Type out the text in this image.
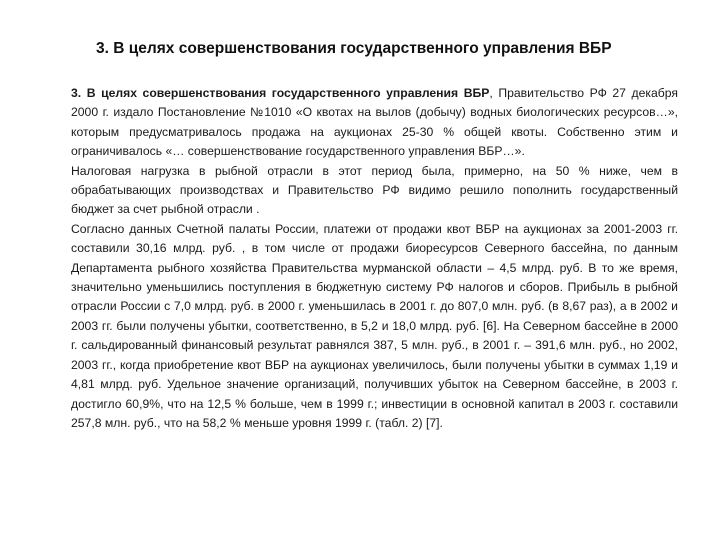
3. В целях совершенствования государственного управления ВБР

3. В целях совершенствования государственного управления ВБР, Правительство РФ 27 декабря 2000 г. издало Постановление №1010 «О квотах на вылов (добычу) водных биологических ресурсов…», которым предусматривалось продажа на аукционах 25-30 % общей квоты. Собственно этим и ограничивалось «… совершенствование государственного управления ВБР…».

Налоговая нагрузка в рыбной отрасли в этот период была, примерно, на 50 % ниже, чем в обрабатывающих производствах и Правительство РФ видимо решило пополнить государственный бюджет за счет рыбной отрасли .

Согласно данных Счетной палаты России, платежи от продажи квот ВБР на аукционах за 2001-2003 гг. составили 30,16 млрд. руб. , в том числе от продажи биоресурсов Северного бассейна, по данным Департамента рыбного хозяйства Правительства мурманской области – 4,5 млрд. руб. В то же время, значительно уменьшились поступления в бюджетную систему РФ налогов и сборов. Прибыль в рыбной отрасли России с 7,0 млрд. руб. в 2000 г. уменьшилась в 2001 г. до 807,0 млн. руб. (в 8,67 раз), а в 2002 и 2003 гг. были получены убытки, соответственно, в 5,2 и 18,0 млрд. руб. [6]. На Северном бассейне в 2000 г. сальдированный финансовый результат равнялся 387, 5 млн. руб., в 2001 г. – 391,6 млн. руб., но 2002, 2003 гг., когда приобретение квот ВБР на аукционах увеличилось, были получены убытки в суммах 1,19 и 4,81 млрд. руб. Удельное значение организаций, получивших убыток на Северном бассейне, в 2003 г. достигло 60,9%, что на 12,5 % больше, чем в 1999 г.; инвестиции в основной капитал в 2003 г. составили 257,8 млн. руб., что на 58,2 % меньше уровня 1999 г. (табл. 2) [7].
